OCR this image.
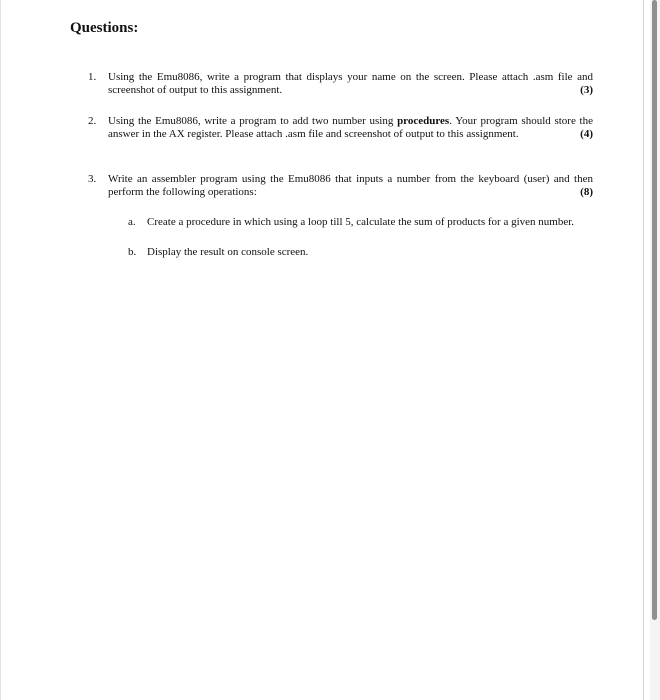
Questions:
1. Using the Emu8086, write a program that displays your name on the screen. Please attach .asm file and screenshot of output to this assignment.	(3)
2. Using the Emu8086, write a program to add two number using procedures. Your program should store the answer in the AX register. Please attach .asm file and screenshot of output to this assignment.	(4)
3. Write an assembler program using the Emu8086 that inputs a number from the keyboard (user) and then perform the following operations:	(8)
a. Create a procedure in which using a loop till 5, calculate the sum of products for a given number.
b. Display the result on console screen.
